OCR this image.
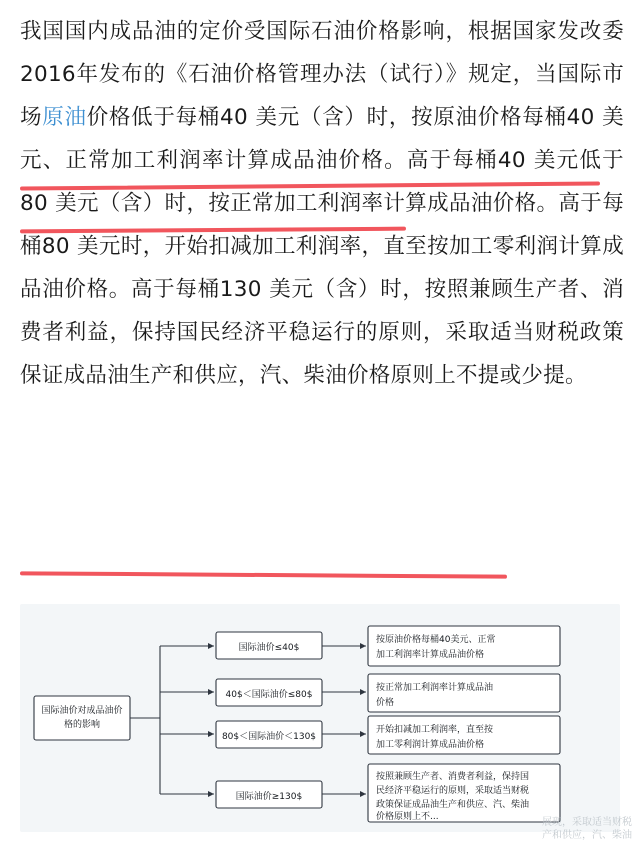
我国国内成品油的定价受国际石油价格影响，根据国家发改委2016年发布的《石油价格管理办法（试行）》规定，当国际市场原油价格低于每桶40 美元（含）时，按原油价格每桶40 美元、正常加工利润率计算成品油价格。高于每桶40 美元低于80 美元（含）时，按正常加工利润率计算成品油价格。高于每桶80 美元时，开始扣减加工利润率，直至按加工零利润计算成品油价格。高于每桶130 美元（含）时，按照兼顾生产者、消费者利益，保持国民经济平稳运行的原则，采取适当财税政策保证成品油生产和供应，汽、柴油价格原则上不提或少提。
国际油价对成品油价
格的影响
国际油价≤40$
40$＜国际油价≤80$
80$＜国际油价＜130$
国际油价≥130$
按原油价格每桶40美元、正常
加工利润率计算成品油价格
按正常加工利润率计算成品油
价格
开始扣减加工利润率，直至按
加工零利润计算成品油价格
按照兼顾生产者、消费者利益，保持国
民经济平稳运行的原则，采取适当财税
政策保证成品油生产和供应、汽、柴油
价格原则上不...	展现，采取适当财税
产和供应，汽、柴油
